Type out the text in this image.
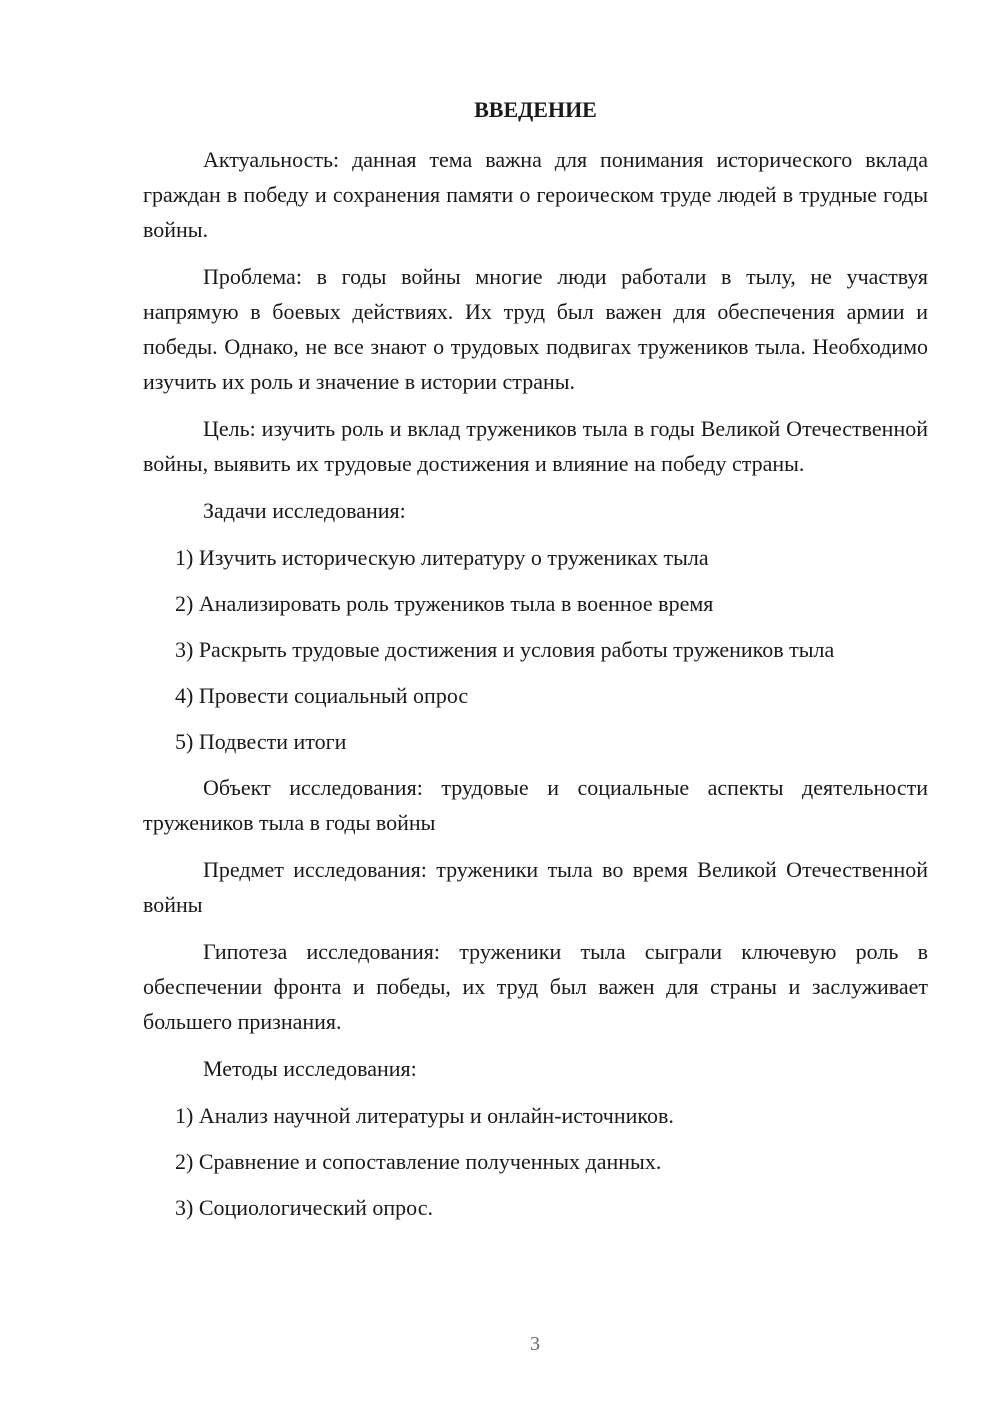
ВВЕДЕНИЕ

Актуальность: данная тема важна для понимания исторического вклада граждан в победу и сохранения памяти о героическом труде людей в трудные годы войны.

Проблема: в годы войны многие люди работали в тылу, не участвуя напрямую в боевых действиях. Их труд был важен для обеспечения армии и победы. Однако, не все знают о трудовых подвигах тружеников тыла. Необходимо изучить их роль и значение в истории страны.

Цель: изучить роль и вклад тружеников тыла в годы Великой Отечественной войны, выявить их трудовые достижения и влияние на победу страны.

Задачи исследования:

1) Изучить историческую литературу о тружениках тыла
2) Анализировать роль тружеников тыла в военное время
3) Раскрыть трудовые достижения и условия работы тружеников тыла
4) Провести социальный опрос
5) Подвести итоги

Объект исследования: трудовые и социальные аспекты деятельности тружеников тыла в годы войны

Предмет исследования: труженики тыла во время Великой Отечественной войны

Гипотеза исследования: труженики тыла сыграли ключевую роль в обеспечении фронта и победы, их труд был важен для страны и заслуживает большего признания.

Методы исследования:

1) Анализ научной литературы и онлайн-источников.
2) Сравнение и сопоставление полученных данных.
3) Социологический опрос.
3
